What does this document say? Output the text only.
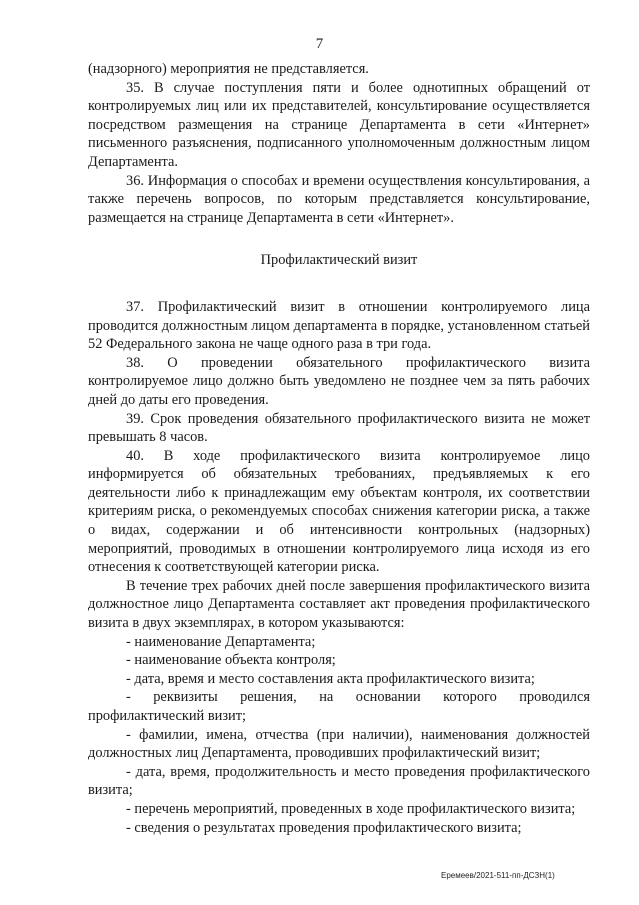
7

(надзорного) мероприятия не представляется.

35. В случае поступления пяти и более однотипных обращений от контролируемых лиц или их представителей, консультирование осуществляется посредством размещения на странице Департамента в сети «Интернет» письменного разъяснения, подписанного уполномоченным должностным лицом Департамента.

36. Информация о способах и времени осуществления консультирования, а также перечень вопросов, по которым представляется консультирование, размещается на странице Департамента в сети «Интернет».

Профилактический визит

37. Профилактический визит в отношении контролируемого лица проводится должностным лицом департамента в порядке, установленном статьей 52 Федерального закона не чаще одного раза в три года.

38. О проведении обязательного профилактического визита контролируемое лицо должно быть уведомлено не позднее чем за пять рабочих дней до даты его проведения.

39. Срок проведения обязательного профилактического визита не может превышать 8 часов.

40. В ходе профилактического визита контролируемое лицо информируется об обязательных требованиях, предъявляемых к его деятельности либо к принадлежащим ему объектам контроля, их соответствии критериям риска, о рекомендуемых способах снижения категории риска, а также о видах, содержании и об интенсивности контрольных (надзорных) мероприятий, проводимых в отношении контролируемого лица исходя из его отнесения к соответствующей категории риска.

В течение трех рабочих дней после завершения профилактического визита должностное лицо Департамента составляет акт проведения профилактического визита в двух экземплярах, в котором указываются:

- наименование Департамента;

- наименование объекта контроля;

- дата, время и место составления акта профилактического визита;

- реквизиты решения, на основании которого проводился профилактический визит;

- фамилии, имена, отчества (при наличии), наименования должностей должностных лиц Департамента, проводивших профилактический визит;

- дата, время, продолжительность и место проведения профилактического визита;

- перечень мероприятий, проведенных в ходе профилактического визита;

- сведения о результатах проведения профилактического визита;

Еремеев/2021-511-пп-ДСЗН(1)
